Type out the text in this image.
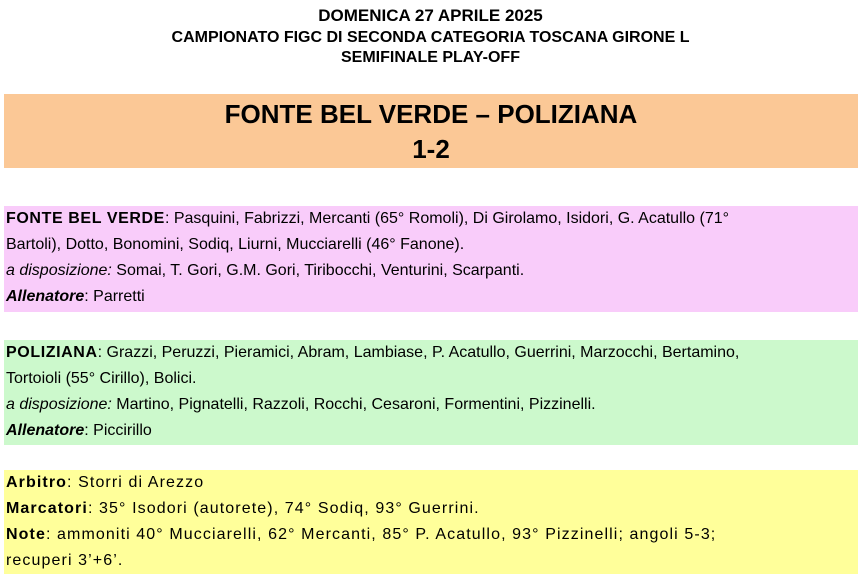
DOMENICA 27 APRILE 2025
CAMPIONATO FIGC DI SECONDA CATEGORIA TOSCANA GIRONE L
SEMIFINALE PLAY-OFF
FONTE BEL VERDE – POLIZIANA
1-2
FONTE BEL VERDE: Pasquini, Fabrizzi, Mercanti (65° Romoli), Di Girolamo, Isidori, G. Acatullo (71°
Bartoli), Dotto, Bonomini, Sodiq, Liurni, Mucciarelli (46° Fanone).
a disposizione: Somai, T. Gori, G.M. Gori, Tiribocchi, Venturini, Scarpanti.
Allenatore: Parretti
POLIZIANA: Grazzi, Peruzzi, Pieramici, Abram, Lambiase, P. Acatullo, Guerrini, Marzocchi, Bertamino,
Tortoioli (55° Cirillo), Bolici.
a disposizione: Martino, Pignatelli, Razzoli, Rocchi, Cesaroni, Formentini, Pizzinelli.
Allenatore: Piccirillo
Arbitro: Storri di Arezzo
Marcatori: 35° Isodori (autorete), 74° Sodiq, 93° Guerrini.
Note: ammoniti 40° Mucciarelli, 62° Mercanti, 85° P. Acatullo, 93° Pizzinelli; angoli 5-3;
recuperi 3’+6’.
